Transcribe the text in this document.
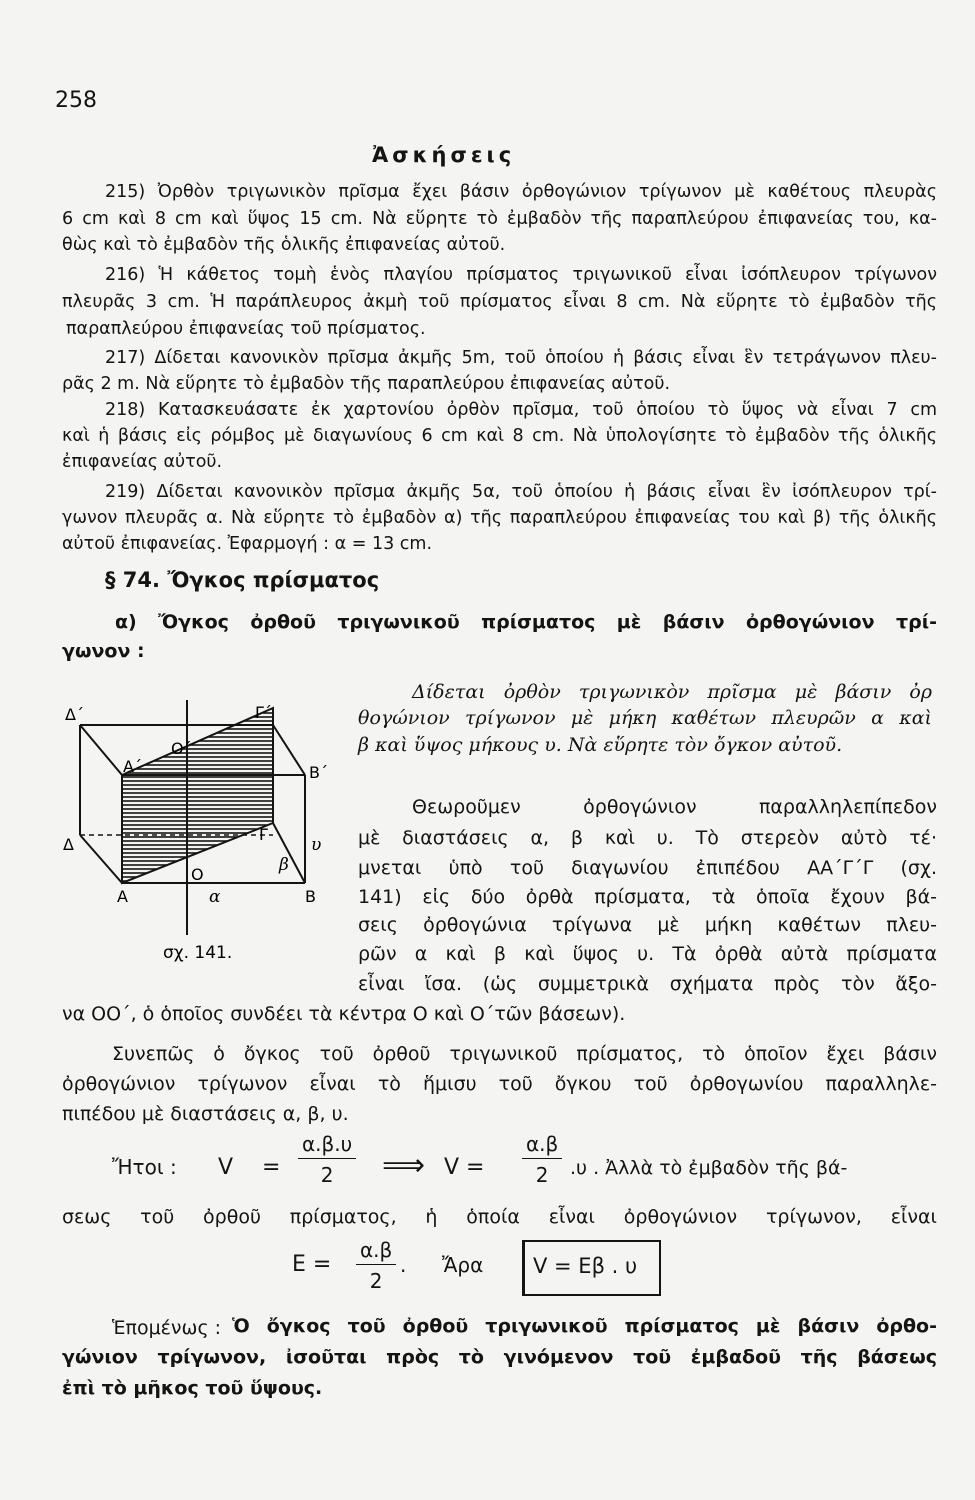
258
Ἀσκήσεις
215) Ὀρθὸν τριγωνικὸν πρῖσμα ἔχει βάσιν ὀρθογώνιον τρίγωνον μὲ καθέτους πλευρὰς
6 cm καὶ 8 cm καὶ ὕψος 15 cm. Νὰ εὕρητε τὸ ἐμβαδὸν τῆς παραπλεύρου ἐπιφανείας του, κα-
θὼς καὶ τὸ ἐμβαδὸν τῆς ὁλικῆς ἐπιφανείας αὐτοῦ.
216) Ἡ κάθετος τομὴ ἑνὸς πλαγίου πρίσματος τριγωνικοῦ εἶναι ἰσόπλευρον τρίγωνον
πλευρᾶς 3 cm. Ἡ παράπλευρος ἀκμὴ τοῦ πρίσματος εἶναι 8 cm. Νὰ εὕρητε τὸ ἐμβαδὸν τῆς
παραπλεύρου ἐπιφανείας τοῦ πρίσματος.
217) Δίδεται κανονικὸν πρῖσμα ἀκμῆς 5m, τοῦ ὁποίου ἡ βάσις εἶναι ἓν τετράγωνον πλευ-
ρᾶς 2 m. Νὰ εὕρητε τὸ ἐμβαδὸν τῆς παραπλεύρου ἐπιφανείας αὐτοῦ.
218) Κατασκευάσατε ἐκ χαρτονίου ὀρθὸν πρῖσμα, τοῦ ὁποίου τὸ ὕψος νὰ εἶναι 7 cm
καὶ ἡ βάσις εἰς ρόμβος μὲ διαγωνίους 6 cm καὶ 8 cm. Νὰ ὑπολογίσητε τὸ ἐμβαδὸν τῆς ὁλικῆς
ἐπιφανείας αὐτοῦ.
219) Δίδεται κανονικὸν πρῖσμα ἀκμῆς 5α, τοῦ ὁποίου ἡ βάσις εἶναι ἓν ἰσόπλευρον τρί-
γωνον πλευρᾶς α. Νὰ εὕρητε τὸ ἐμβαδὸν α) τῆς παραπλεύρου ἐπιφανείας του καὶ β) τῆς ὁλικῆς
αὐτοῦ ἐπιφανείας. Ἐφαρμογή : α = 13 cm.
§ 74. Ὄγκος πρίσματος
α) Ὄγκος ὀρθοῦ τριγωνικοῦ πρίσματος μὲ βάσιν ὀρθογώνιον τρί-
γωνον :
Δ΄	Γ΄
Ο΄
Α΄	Β΄
Γ
υ
Δ
β
Ο
Α	α	Β
σχ. 141.
Δίδεται ὀρθὸν τριγωνικὸν πρῖσμα μὲ βάσιν ὀρ
θογώνιον τρίγωνον μὲ μήκη καθέτων πλευρῶν α καὶ
β καὶ ὕψος μήκους υ. Νὰ εὕρητε τὸν ὄγκον αὐτοῦ.
Θεωροῦμεν ὀρθογώνιον παραλληλεπίπεδον
μὲ διαστάσεις α, β καὶ υ. Τὸ στερεὸν αὐτὸ τέ·
μνεται ὑπὸ τοῦ διαγωνίου ἐπιπέδου ΑΑ΄Γ΄Γ (σχ.
141) εἰς δύο ὀρθὰ πρίσματα, τὰ ὁποῖα ἔχουν βά-
σεις ὀρθογώνια τρίγωνα μὲ μήκη καθέτων πλευ-
ρῶν α καὶ β καὶ ὕψος υ. Τὰ ὀρθὰ αὐτὰ πρίσματα
εἶναι ἴσα. (ὡς συμμετρικὰ σχήματα πρὸς τὸν ἄξο-
να ΟΟ΄, ὁ ὁποῖος συνδέει τὰ κέντρα Ο καὶ Ο΄τῶν βάσεων).
Συνεπῶς ὁ ὄγκος τοῦ ὀρθοῦ τριγωνικοῦ πρίσματος, τὸ ὁποῖον ἔχει βάσιν
ὀρθογώνιον τρίγωνον εἶναι τὸ ἥμισυ τοῦ ὄγκου τοῦ ὀρθογωνίου παραλληλε-
πιπέδου μὲ διαστάσεις α, β, υ.
Ἤτοι : $V = \frac{\alpha.\beta.\upsilon}{2}$ ⟹ $V = \frac{\alpha.\beta}{2} .\upsilon$ . Ἀλλὰ τὸ ἐμβαδὸν τῆς βά-
σεως τοῦ ὀρθοῦ πρίσματος, ἡ ὁποία εἶναι ὀρθογώνιον τρίγωνον, εἶναι
$E = \frac{\alpha.\beta}{2}$ . Ἄρα V = Eβ . υ
Ἑπομένως : Ὁ ὄγκος τοῦ ὀρθοῦ τριγωνικοῦ πρίσματος μὲ βάσιν ὀρθο-
γώνιον τρίγωνον, ἰσοῦται πρὸς τὸ γινόμενον τοῦ ἐμβαδοῦ τῆς βάσεως
ἐπὶ τὸ μῆκος τοῦ ὕψους.
